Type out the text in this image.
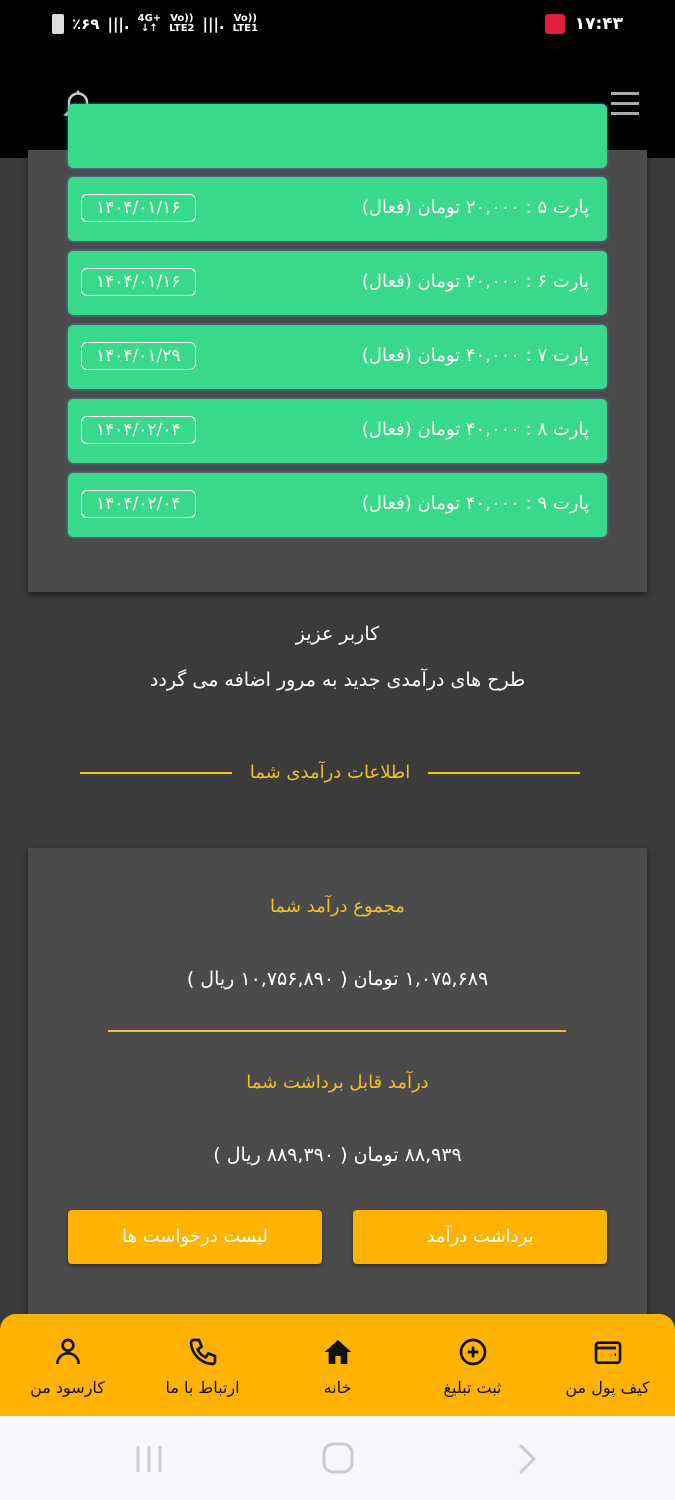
٪۶۹ |||. 4G+
↓↑
Vo))
LTE2 |||. Vo))
LTE1	۱۷:۴۳
پارت ۵ : ۲۰,۰۰۰ تومان (فعال)
۱۴۰۴/۰۱/۱۶
پارت ۶ : ۲۰,۰۰۰ تومان (فعال)
۱۴۰۴/۰۱/۱۶
پارت ۷ : ۴۰,۰۰۰ تومان (فعال)
۱۴۰۴/۰۱/۲۹
پارت ۸ : ۴۰,۰۰۰ تومان (فعال)
۱۴۰۴/۰۲/۰۴
پارت ۹ : ۴۰,۰۰۰ تومان (فعال)
۱۴۰۴/۰۲/۰۴
کاربر عزیز
طرح های درآمدی جدید به مرور اضافه می گردد
اطلاعات درآمدی شما
مجموع درآمد شما
۱,۰۷۵,۶۸۹ تومان ( ۱۰,۷۵۶,۸۹۰ ریال )
درآمد قابل برداشت شما
۸۸,۹۳۹ تومان ( ۸۸۹,۳۹۰ ریال )
برداشت درآمد
لیست درخواست ها
کیف پول من
ثبت تبلیغ
خانه
ارتباط با ما
کارسود من
